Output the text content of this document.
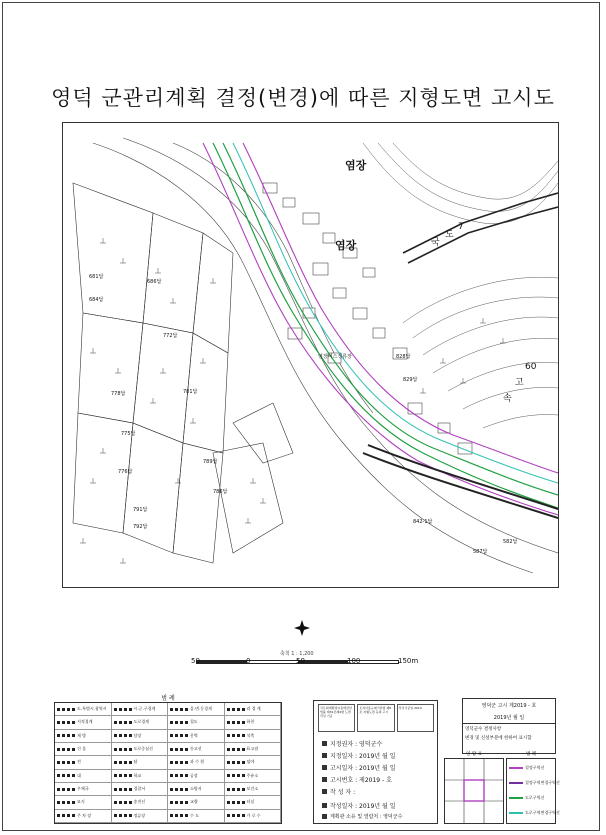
영덕 군관리계획 결정(변경)에 따른 지형도면 고시도
염장
염장
염장버스정류장
국
도
7
60
고
속
829답
828답
686답
684답
681답
772답
775답
776답
778답	781답
786답
789답
791답
792답
842-1답
587답
582답
축척 1 : 1,200
50	0	50	100	150m
범 례
도.특별시.광역시	시.군.구경계	읍.면.동경계	리 경 계
지적경계	도로경계	철도	하천
제 방	담장	옹벽	석축
건 물	도로중심선	등고선	표고점
전	답	과 수 원	임야
대	학교	공장	주유소
우체국	경찰서	소방서	보건소
묘지	송전선	교량	터널
주 차 장	정류장	수 도	가 로 수
국토의계획및이용에관한법률 제32조제4항 도면작성 기준
토지이용규제기본법 제8조 지형도면 등의 고시
작성기준일 2019
지정권자 : 영덕군수
지정일자 : 2019년 월 일
고시일자 : 2019년 월 일
고시번호 : 제2019 - 호
작 성 자 :
작성일자 : 2019년 월 일
계획관 소유 및 열람처 : 영덕군수
영덕군 고시 제2019 - 호
2019년 월 일
영덕군수 결정사항
변경 및 신설부분에 한하여 표시함
일 람 표	범 례
결정구역선
결정구역변경구역선
도로구역선
도로구역변경구역선
